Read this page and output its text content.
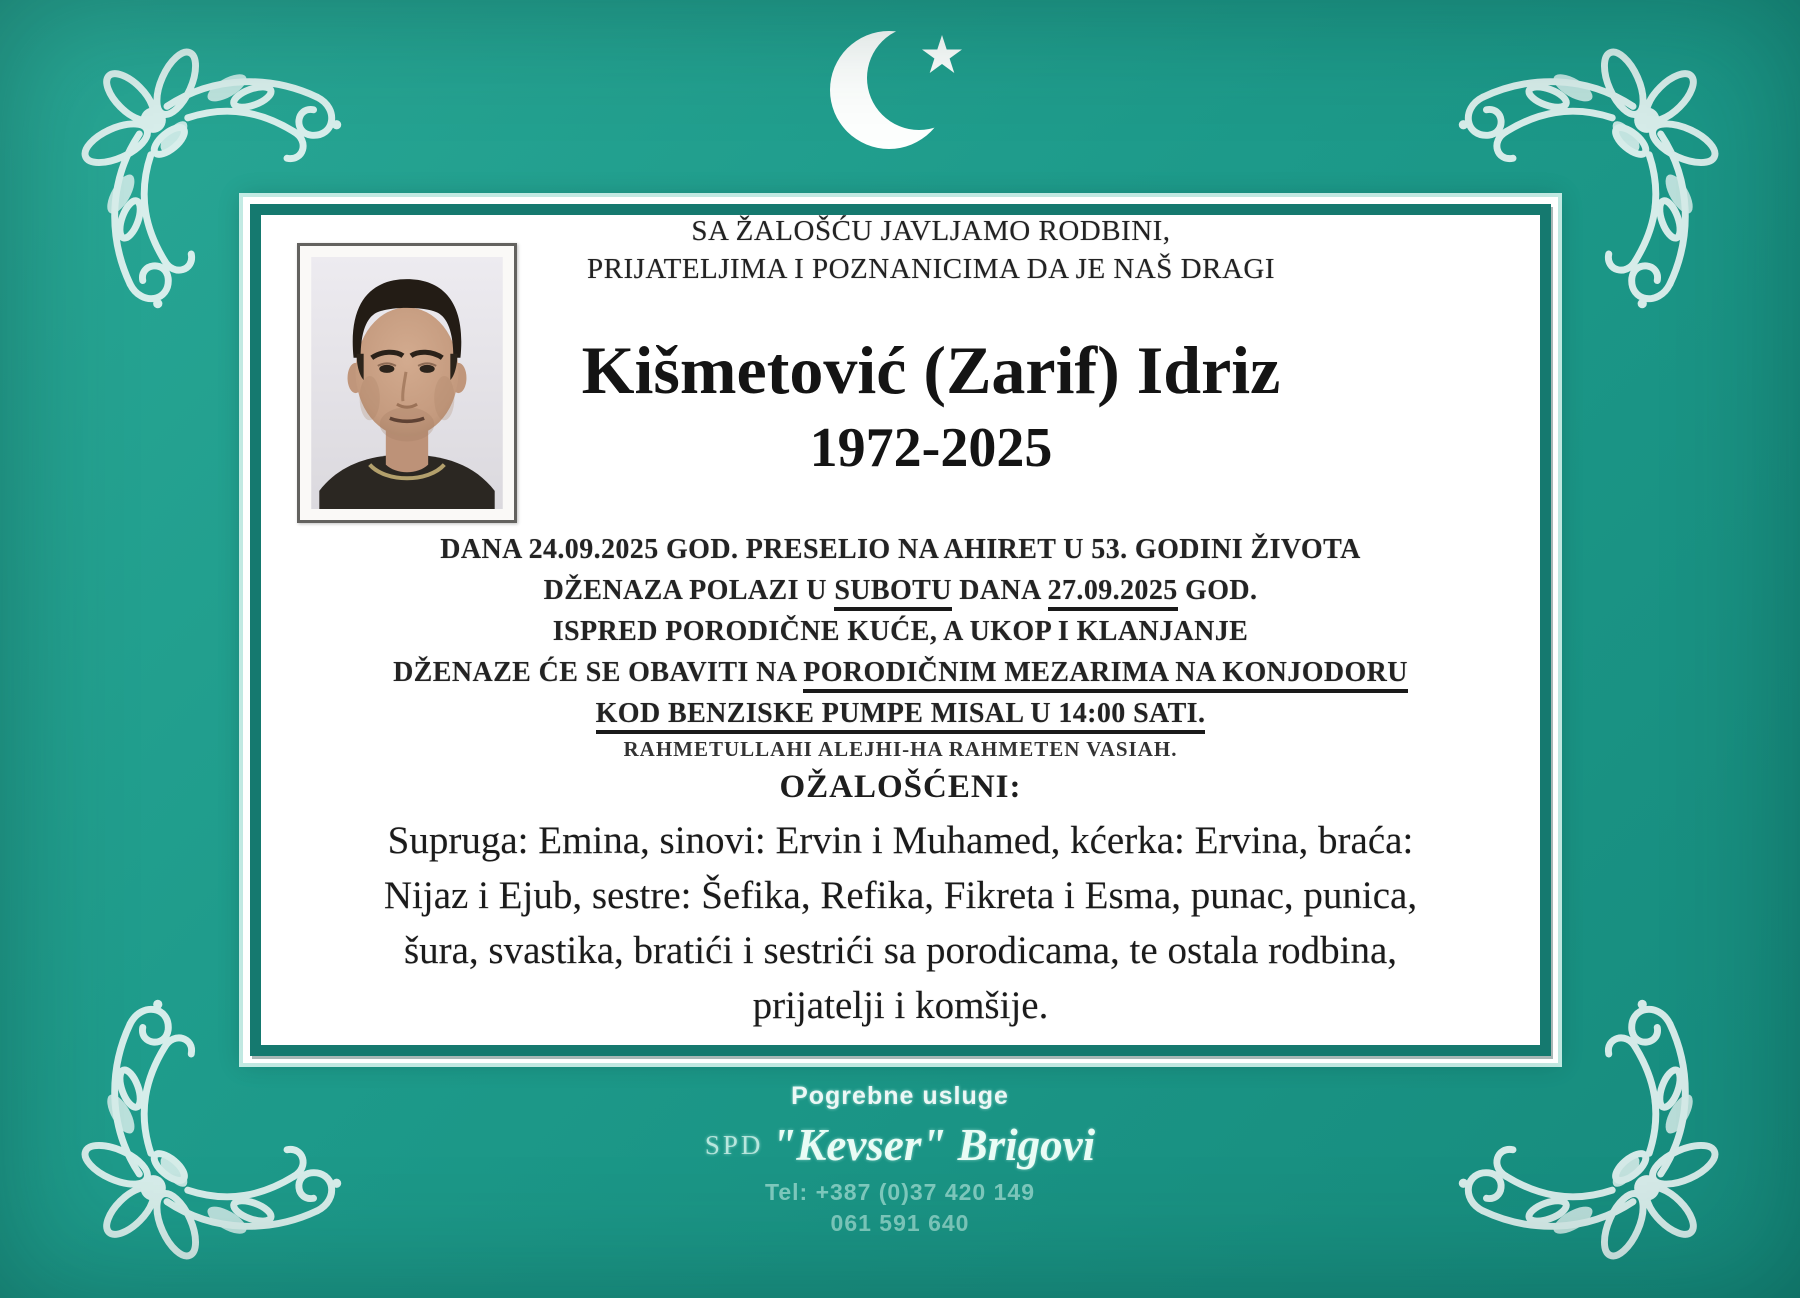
SA ŽALOŠĆU JAVLJAMO RODBINI,
PRIJATELJIMA I POZNANICIMA DA JE NAŠ DRAGI
Kišmetović (Zarif) Idriz
1972-2025
DANA 24.09.2025 GOD. PRESELIO NA AHIRET U 53. GODINI ŽIVOTA
DŽENAZA POLAZI U SUBOTU DANA 27.09.2025 GOD.
ISPRED PORODIČNE KUĆE, A UKOP I KLANJANJE
DŽENAZE ĆE SE OBAVITI NA PORODIČNIM MEZARIMA NA KONJODORU
KOD BENZISKE PUMPE MISAL U 14:00 SATI.
RAHMETULLAHI ALEJHI-HA RAHMETEN VASIAH.
OŽALOŠĆENI:
Supruga: Emina, sinovi: Ervin i Muhamed, kćerka: Ervina, braća:
Nijaz i Ejub, sestre: Šefika, Refika, Fikreta i Esma, punac, punica,
šura, svastika, bratići i sestrići sa porodicama, te ostala rodbina,
prijatelji i komšije.
Pogrebne usluge
SPD "Kevser" Brigovi
Tel: +387 (0)37 420 149
061 591 640
